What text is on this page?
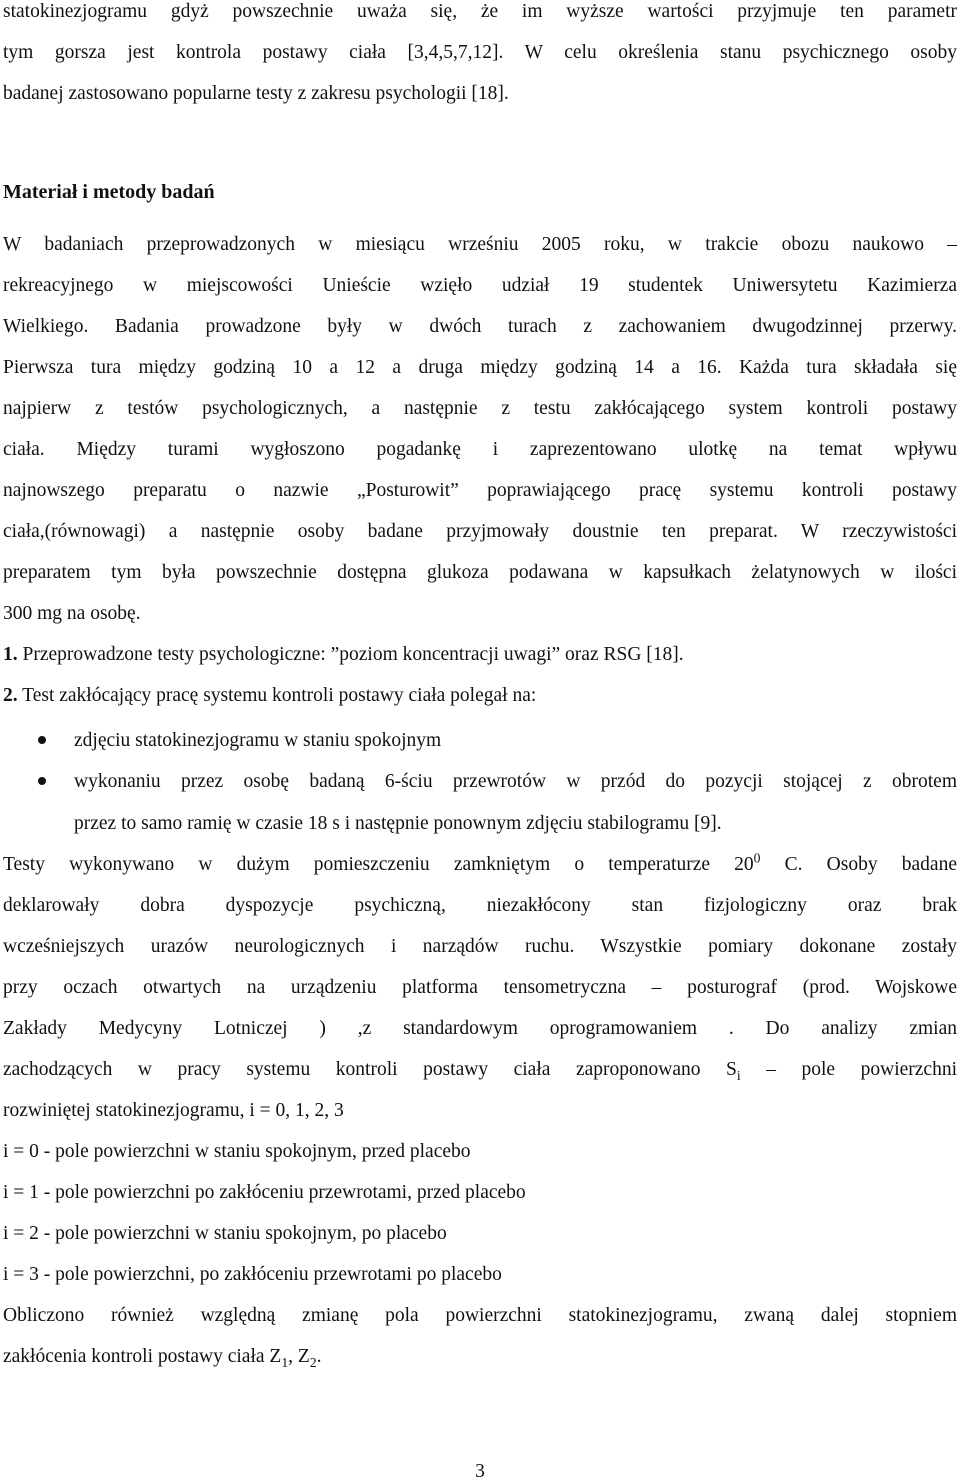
statokinezjogramu gdyż powszechnie uważa się, że im wyższe wartości przyjmuje ten parametr
tym gorsza jest kontrola postawy ciała [3,4,5,7,12]. W celu określenia stanu psychicznego osoby
badanej zastosowano popularne testy z zakresu psychologii [18].
Materiał i metody badań
W badaniach przeprowadzonych w miesiącu wrześniu 2005 roku, w trakcie obozu naukowo –
rekreacyjnego w miejscowości Unieście wzięło udział 19 studentek Uniwersytetu Kazimierza
Wielkiego. Badania prowadzone były w dwóch turach z zachowaniem dwugodzinnej przerwy.
Pierwsza tura między godziną 10 a 12 a druga między godziną 14 a 16. Każda tura składała się
najpierw z testów psychologicznych, a następnie z testu zakłócającego system kontroli postawy
ciała. Między turami wygłoszono pogadankę i zaprezentowano ulotkę na temat wpływu
najnowszego preparatu o nazwie „Posturowit” poprawiającego pracę systemu kontroli postawy
ciała,(równowagi) a następnie osoby badane przyjmowały doustnie ten preparat. W rzeczywistości
preparatem tym była powszechnie dostępna glukoza podawana w kapsułkach żelatynowych w ilości
300 mg na osobę.
1. Przeprowadzone testy psychologiczne: ”poziom koncentracji uwagi” oraz RSG [18].
2. Test zakłócający pracę systemu kontroli postawy ciała polegał na:
zdjęciu statokinezjogramu w staniu spokojnym
wykonaniu przez osobę badaną 6-ściu przewrotów w przód do pozycji stojącej z obrotem
przez to samo ramię w czasie 18 s i następnie ponownym zdjęciu stabilogramu [9].
Testy wykonywano w dużym pomieszczeniu zamkniętym o temperaturze $20^0$ C. Osoby badane
deklarowały dobra dyspozycje psychiczną, niezakłócony stan fizjologiczny oraz brak
wcześniejszych urazów neurologicznych i narządów ruchu. Wszystkie pomiary dokonane zostały
przy oczach otwartych na urządzeniu platforma tensometryczna – posturograf (prod. Wojskowe
Zakłady Medycyny Lotniczej ) ,z standardowym oprogramowaniem . Do analizy zmian
zachodzących w pracy systemu kontroli postawy ciała zaproponowano $S_i$ – pole powierzchni
rozwiniętej statokinezjogramu, i = 0, 1, 2, 3
i = 0 - pole powierzchni w staniu spokojnym, przed placebo
i = 1 - pole powierzchni po zakłóceniu przewrotami, przed placebo
i = 2 - pole powierzchni w staniu spokojnym, po placebo
i = 3 - pole powierzchni, po zakłóceniu przewrotami po placebo
Obliczono również względną zmianę pola powierzchni statokinezjogramu, zwaną dalej stopniem
zakłócenia kontroli postawy ciała $Z_1$, $Z_2$.
3
